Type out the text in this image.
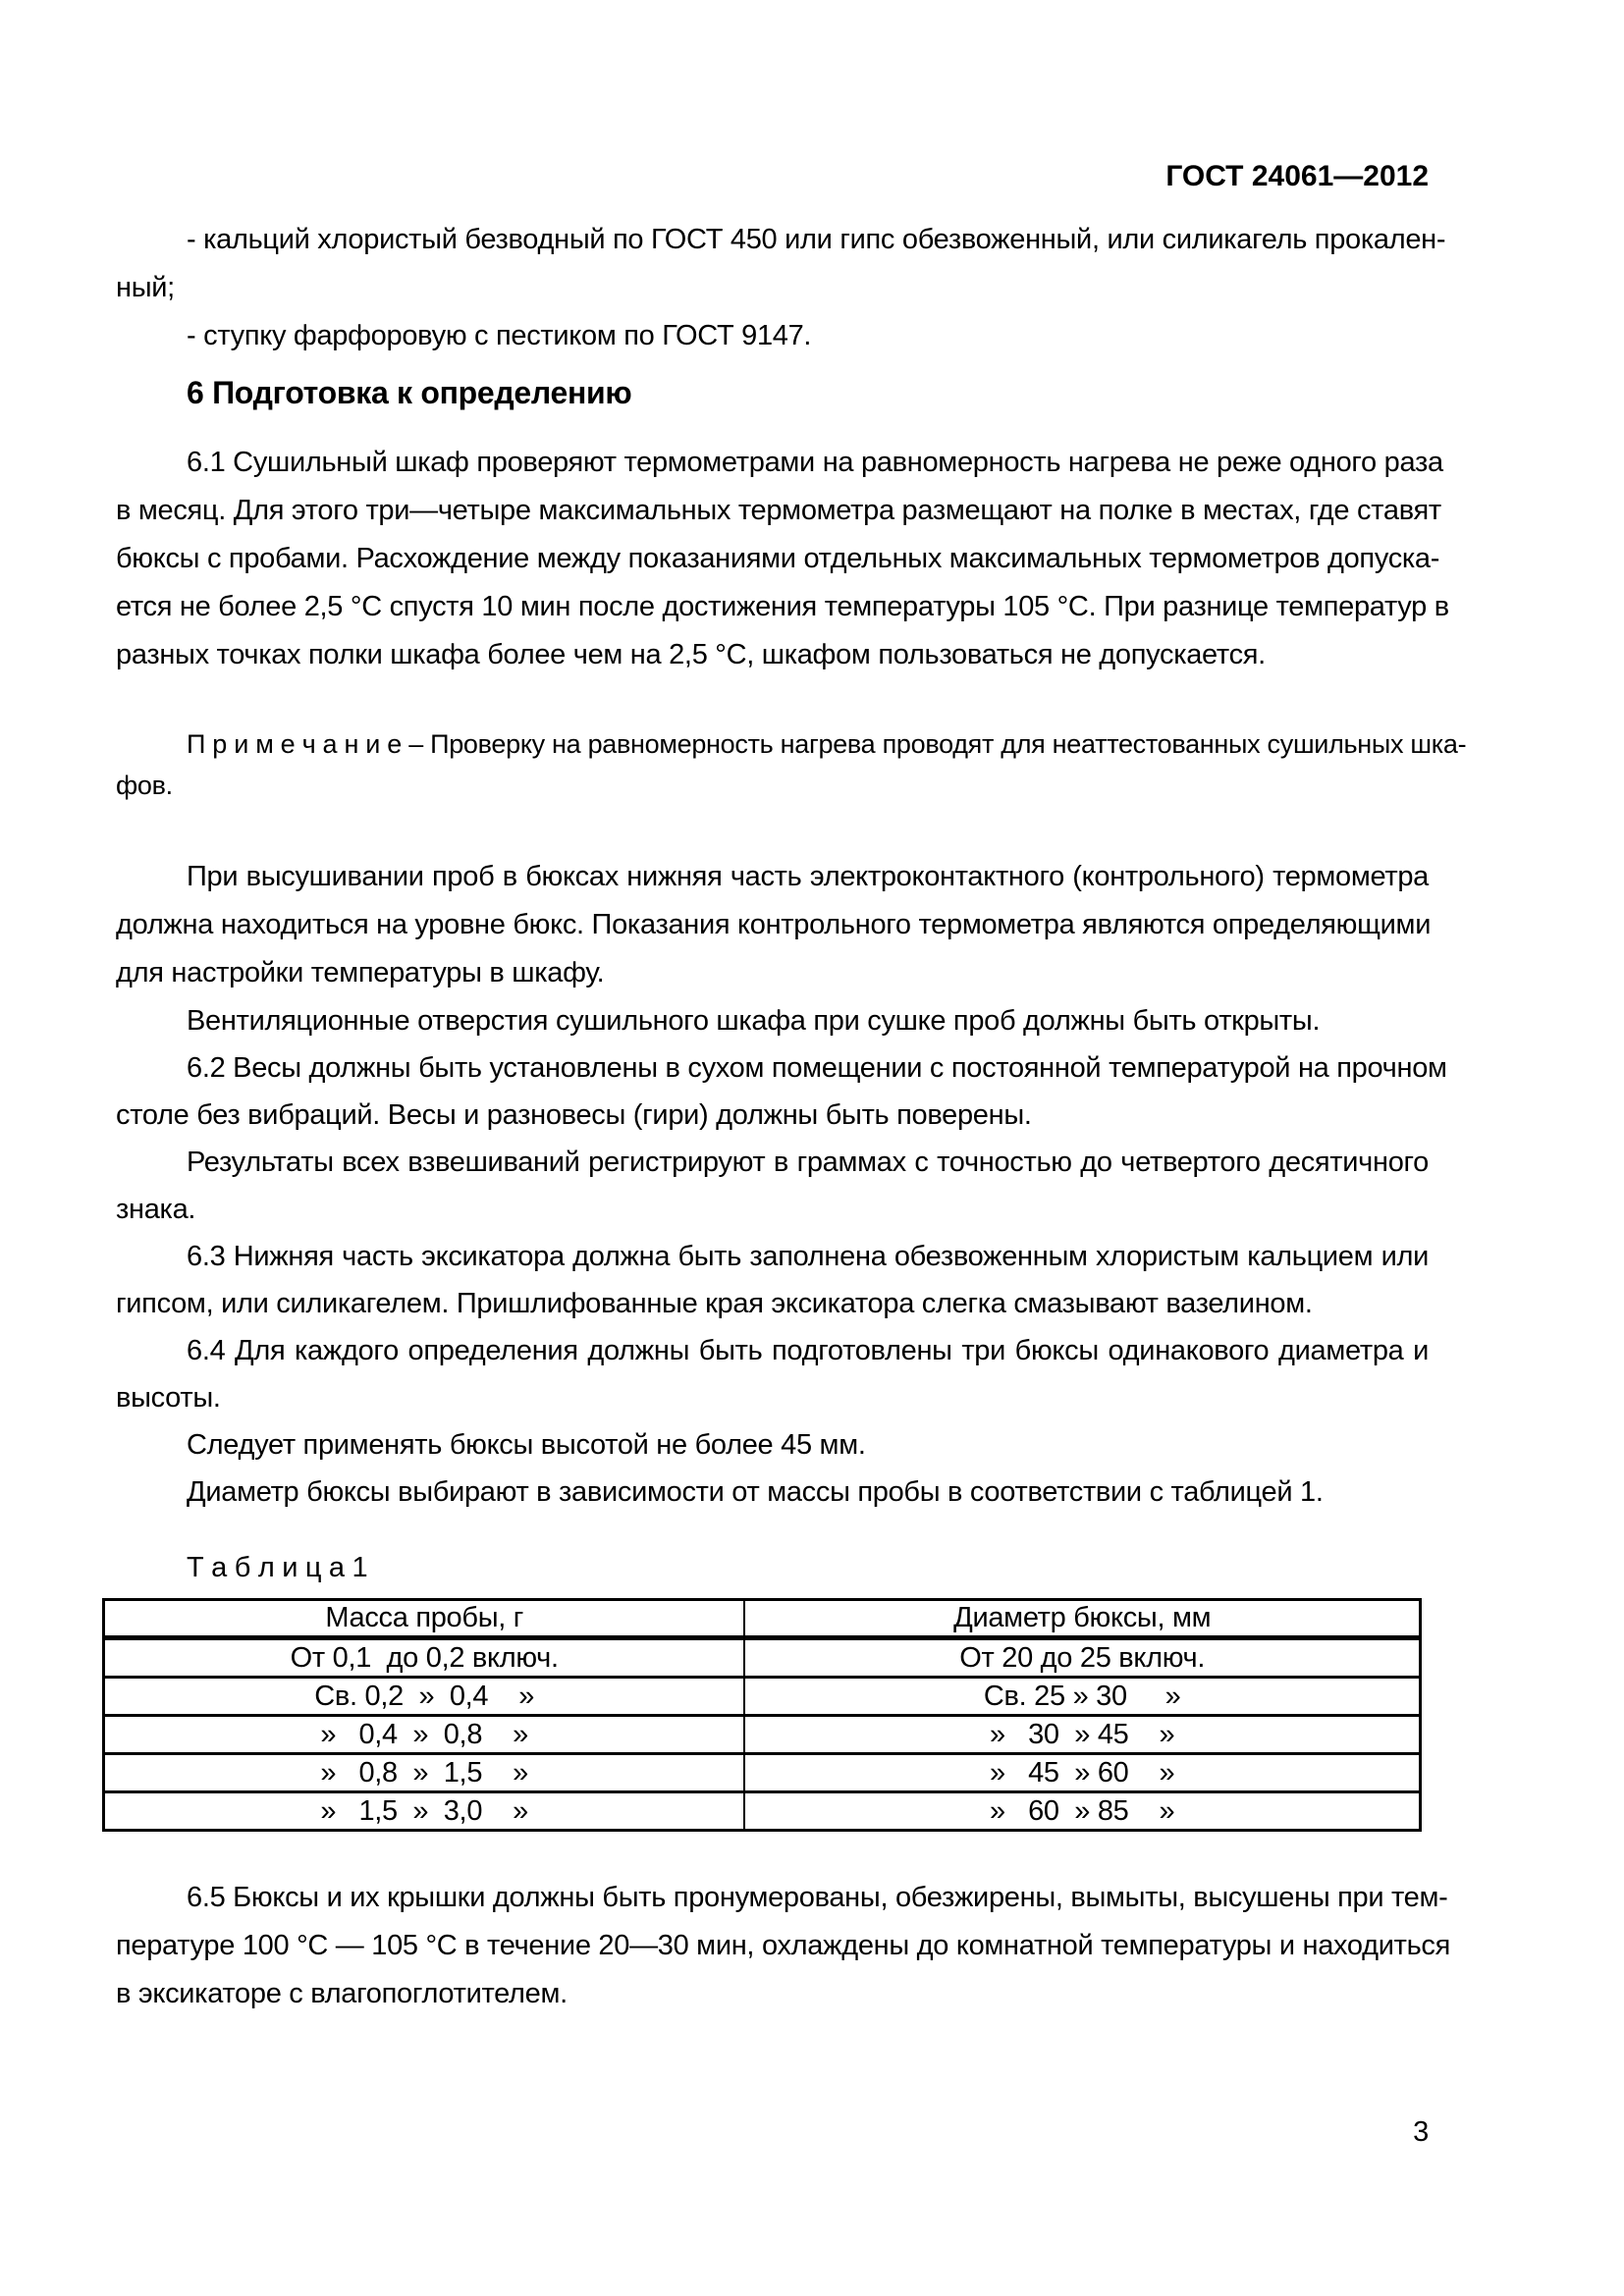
ГОСТ 24061—2012
- кальций хлористый безводный по ГОСТ 450 или гипс обезвоженный, или силикагель прокален-
ный;
- ступку фарфоровую с пестиком по ГОСТ 9147.
6 Подготовка к определению
6.1 Сушильный шкаф проверяют термометрами на равномерность нагрева не реже одного раза
в месяц. Для этого три—четыре максимальных термометра размещают на полке в местах, где ставят
бюксы с пробами. Расхождение между показаниями отдельных максимальных термометров допуска-
ется не более 2,5 °С спустя 10 мин после достижения температуры 105 °С. При разнице температур в
разных точках полки шкафа более чем на 2,5 °С, шкафом пользоваться не допускается.
П р и м е ч а н и е – Проверку на равномерность нагрева проводят для неаттестованных сушильных шка-
фов.
При высушивании проб в бюксах нижняя часть электроконтактного (контрольного) термометра
должна находиться на уровне бюкс. Показания контрольного термометра являются определяющими
для настройки температуры в шкафу.
Вентиляционные отверстия сушильного шкафа при сушке проб должны быть открыты.
6.2 Весы должны быть установлены в сухом помещении с постоянной температурой на прочном
столе без вибраций. Весы и разновесы (гири) должны быть поверены.
Результаты всех взвешиваний регистрируют в граммах с точностью до четвертого десятичного
знака.
6.3 Нижняя часть эксикатора должна быть заполнена обезвоженным хлористым кальцием или
гипсом, или силикагелем. Пришлифованные края эксикатора слегка смазывают вазелином.
6.4 Для каждого определения должны быть подготовлены три бюксы одинакового диаметра и
высоты.
Следует применять бюксы высотой не более 45 мм.
Диаметр бюксы выбирают в зависимости от массы пробы в соответствии с таблицей 1.
Т а б л и ц а 1
Масса пробы, г	Диаметр бюксы, мм
От 0,1  до 0,2 включ.	От 20 до 25 включ.
Св. 0,2  »  0,4    »	Св. 25 » 30     »
»   0,4  »  0,8    »	»   30  » 45    »
»   0,8  »  1,5    »	»   45  » 60    »
»   1,5  »  3,0    »	»   60  » 85    »
6.5 Бюксы и их крышки должны быть пронумерованы, обезжирены, вымыты, высушены при тем-
пературе 100 °С — 105 °С в течение 20—30 мин, охлаждены до комнатной температуры и находиться
в эксикаторе с влагопоглотителем.
3
